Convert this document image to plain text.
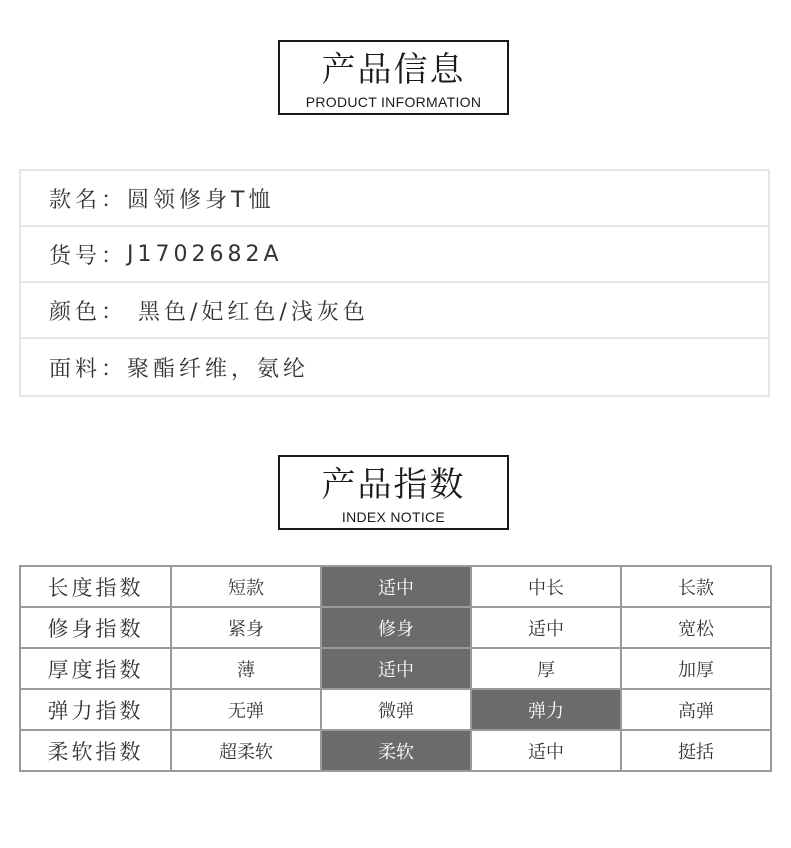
产品信息
PRODUCT INFORMATION
款名： 圆领修身T恤
货号： J1702682A
颜色： 黑色/妃红色/浅灰色
面料： 聚酯纤维，氨纶
产品指数
INDEX NOTICE
长度指数	短款	适中	中长	长款
修身指数	紧身	修身	适中	宽松
厚度指数	薄	适中	厚	加厚
弹力指数	无弹	微弹	弹力	高弹
柔软指数	超柔软	柔软	适中	挺括
